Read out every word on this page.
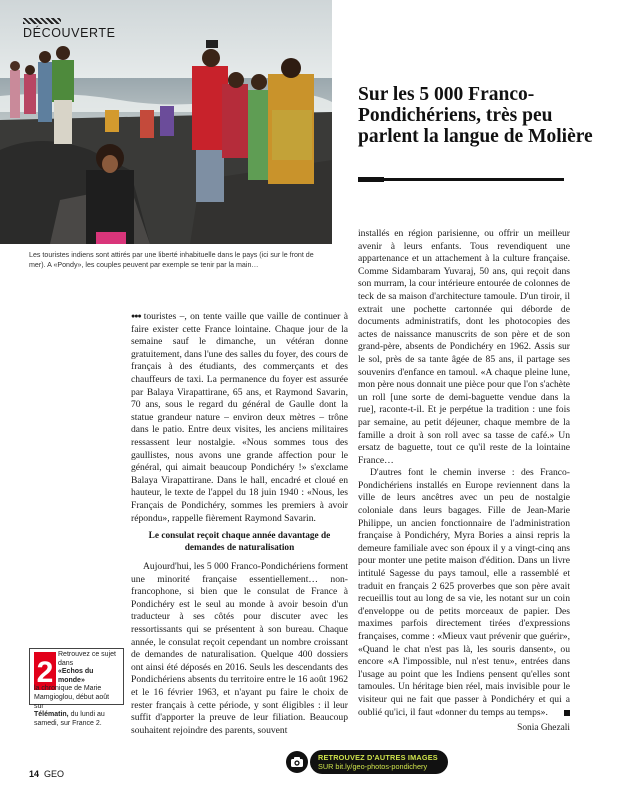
DÉCOUVERTE
Les touristes indiens sont attirés par une liberté inhabituelle dans le pays (ici sur le front de mer). A «Pondy», les couples peuvent par exemple se tenir par la main…
Sur les 5 000 Franco-Pondichériens, très peu parlent la langue de Molière

●●● touristes –, on tente vaille que vaille de continuer à faire exister cette France lointaine. Chaque jour de la semaine sauf le dimanche, un vétéran donne gratuitement, dans l'une des salles du foyer, des cours de français à des étudiants, des commerçants et des chauffeurs de taxi. La permanence du foyer est assurée par Balaya Virapattirane, 65 ans, et Raymond Savarin, 70 ans, sous le regard du général de Gaulle dont la statue grandeur nature – environ deux mètres – trône dans le patio. Entre deux visites, les anciens militaires ressassent leur nostalgie. «Nous sommes tous des gaullistes, nous avons une grande affection pour le général, qui aimait beaucoup Pondichéry !» s'exclame Balaya Virapattirane. Dans le hall, encadré et cloué en hauteur, le texte de l'appel du 18 juin 1940 : «Nous, les Français de Pondichéry, sommes les premiers à avoir répondu», rappelle fièrement Raymond Savarin.

Le consulat reçoit chaque année davantage de demandes de naturalisation

Aujourd'hui, les 5 000 Franco-Pondichériens forment une minorité française essentiellement… non-francophone, si bien que le consulat de France à Pondichéry est le seul au monde à avoir besoin d'un traducteur à ses côtés pour discuter avec les ressortissants qui se présentent à son bureau. Chaque année, le consulat reçoit cependant un nombre croissant de demandes de naturalisation. Quelque 400 dossiers ont ainsi été déposés en 2016. Seuls les descendants des Pondichériens absents du territoire entre le 16 août 1962 et le 16 février 1963, et n'ayant pu faire le choix de rester français à cette période, y sont éligibles : il leur suffit d'apporter la preuve de leur filiation. Beaucoup souhaitent rejoindre des parents, souvent

installés en région parisienne, ou offrir un meilleur avenir à leurs enfants. Tous revendiquent une appartenance et un attachement à la culture française. Comme Sidambaram Yuvaraj, 50 ans, qui reçoit dans son murram, la cour intérieure entourée de colonnes de teck de sa maison d'architecture tamoule. D'un tiroir, il extrait une pochette cartonnée qui déborde de documents administratifs, dont les photocopies des actes de naissance manuscrits de son père et de son grand-père, absents de Pondichéry en 1962. Assis sur le sol, près de sa tante âgée de 85 ans, il partage ses souvenirs d'enfance en tamoul. «A chaque pleine lune, mon père nous donnait une pièce pour que l'on s'achète un roll [une sorte de demi-baguette vendue dans la rue], raconte-t-il. Et je perpétue la tradition : une fois par semaine, au petit déjeuner, chaque membre de la famille a droit à son roll avec sa tasse de café.» Un ersatz de baguette, tout ce qu'il reste de la lointaine France…

D'autres font le chemin inverse : des Franco-Pondichériens installés en Europe reviennent dans la ville de leurs ancêtres avec un peu de nostalgie coloniale dans leurs bagages. Fille de Jean-Marie Philippe, un ancien fonctionnaire de l'administration française à Pondichéry, Myra Bories a ainsi repris la demeure familiale avec son époux il y a vingt-cinq ans pour monter une petite maison d'édition. Dans un livre intitulé Sagesse du pays tamoul, elle a rassemblé et traduit en français 2 625 proverbes que son père avait recueillis tout au long de sa vie, les notant sur un coin d'enveloppe ou de petits morceaux de papier. Des maximes parfois directement tirées d'expressions françaises, comme : «Mieux vaut prévenir que guérir», «Quand le chat n'est pas là, les souris dansent», ou encore «A l'impossible, nul n'est tenu», entrées dans l'usage au point que les Indiens pensent qu'elles sont tamoules. Un héritage bien réel, mais invisible pour le visiteur qui ne fait que passer à Pondichéry et qui a oublié qu'ici, il faut «donner du temps au temps».

Sonia Ghezali
2
Retrouvez ce sujet dans
«Echos du monde»
la chronique de Marie Mamgioglou, début août sur
Télématin, du lundi au samedi, sur France 2.
14 GEO
RETROUVEZ D'AUTRES IMAGES
SUR bit.ly/geo-photos-pondichery
